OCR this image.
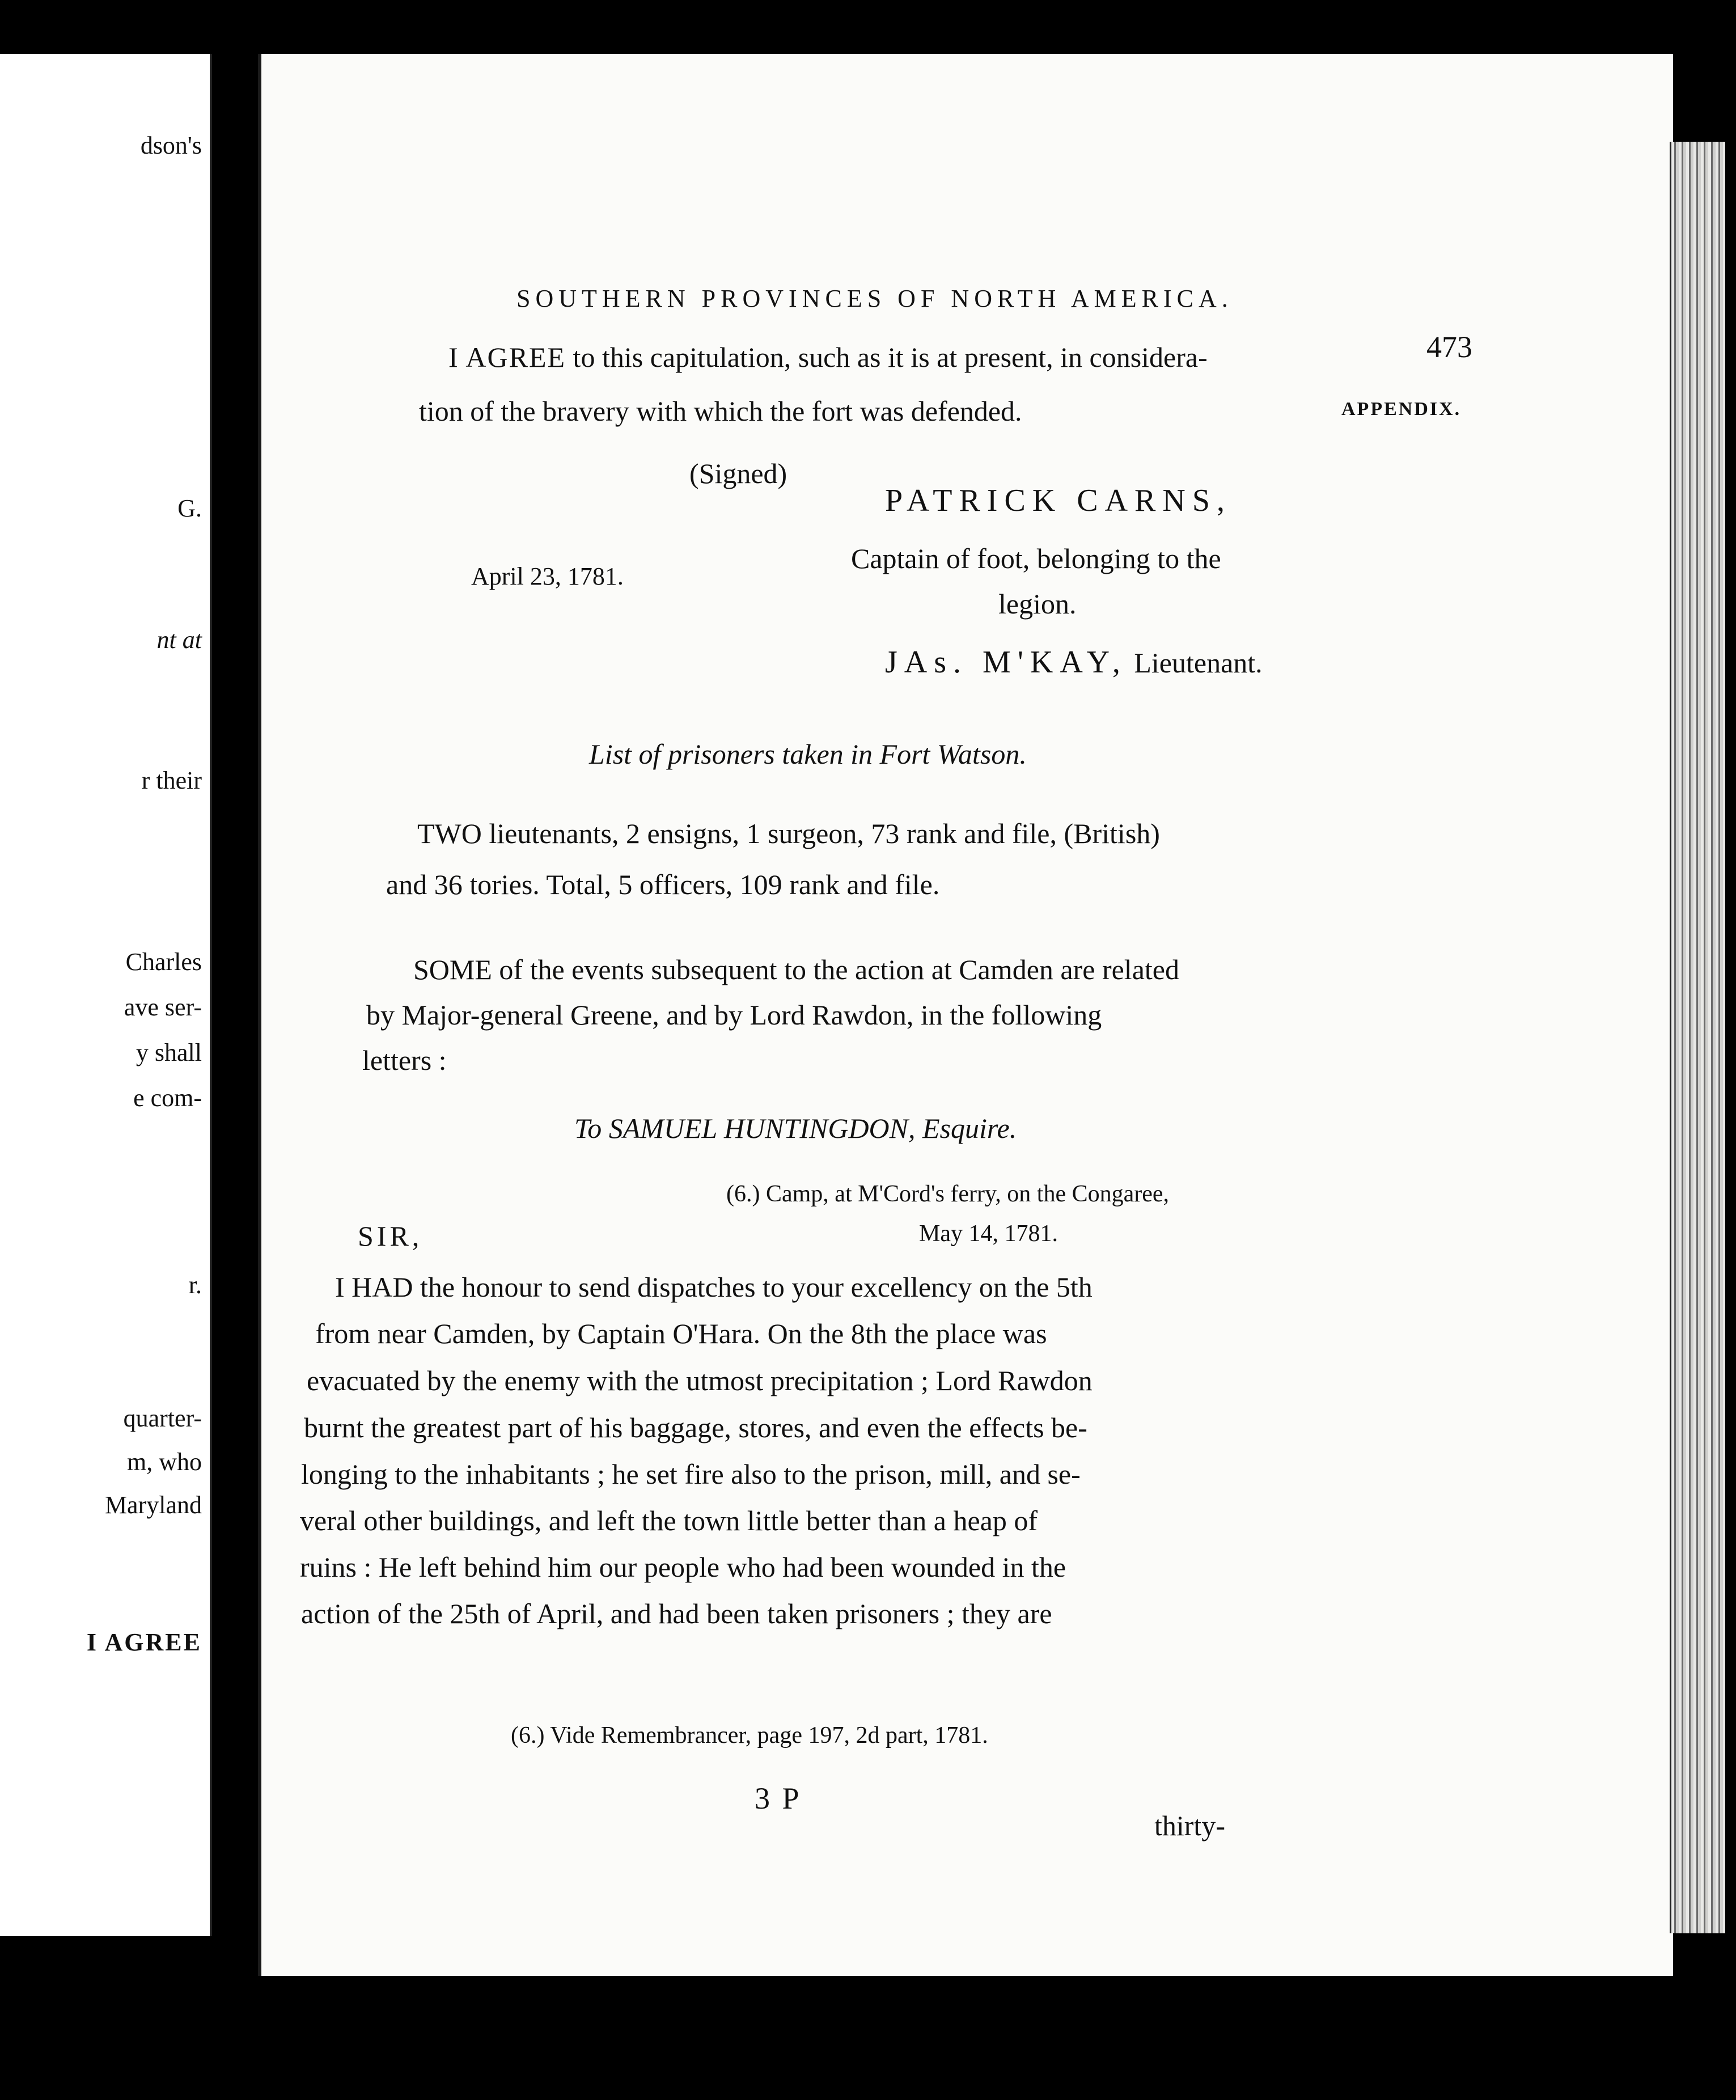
dson's
G.
nt at
r their
Charles
ave ser-
y shall
e com-
r.
quarter-
m, who
Maryland
I AGREE
SOUTHERN PROVINCES OF NORTH AMERICA.
473
APPENDIX.
I AGREE to this capitulation, such as it is at present, in considera-
tion of the bravery with which the fort was defended.
(Signed)
PATRICK CARNS,
Captain of foot, belonging to the
April 23, 1781.
legion.
JAs. M'KAY, Lieutenant.
List of prisoners taken in Fort Watson.
TWO lieutenants, 2 ensigns, 1 surgeon, 73 rank and file, (British)
and 36 tories. Total, 5 officers, 109 rank and file.
SOME of the events subsequent to the action at Camden are related
by Major-general Greene, and by Lord Rawdon, in the following
letters :
To SAMUEL HUNTINGDON, Esquire.
(6.) Camp, at M'Cord's ferry, on the Congaree,
May 14, 1781.
SIR,
I HAD the honour to send dispatches to your excellency on the 5th
from near Camden, by Captain O'Hara. On the 8th the place was
evacuated by the enemy with the utmost precipitation ; Lord Rawdon
burnt the greatest part of his baggage, stores, and even the effects be-
longing to the inhabitants ; he set fire also to the prison, mill, and se-
veral other buildings, and left the town little better than a heap of
ruins : He left behind him our people who had been wounded in the
action of the 25th of April, and had been taken prisoners ; they are
(6.) Vide Remembrancer, page 197, 2d part, 1781.
3 P
thirty-
